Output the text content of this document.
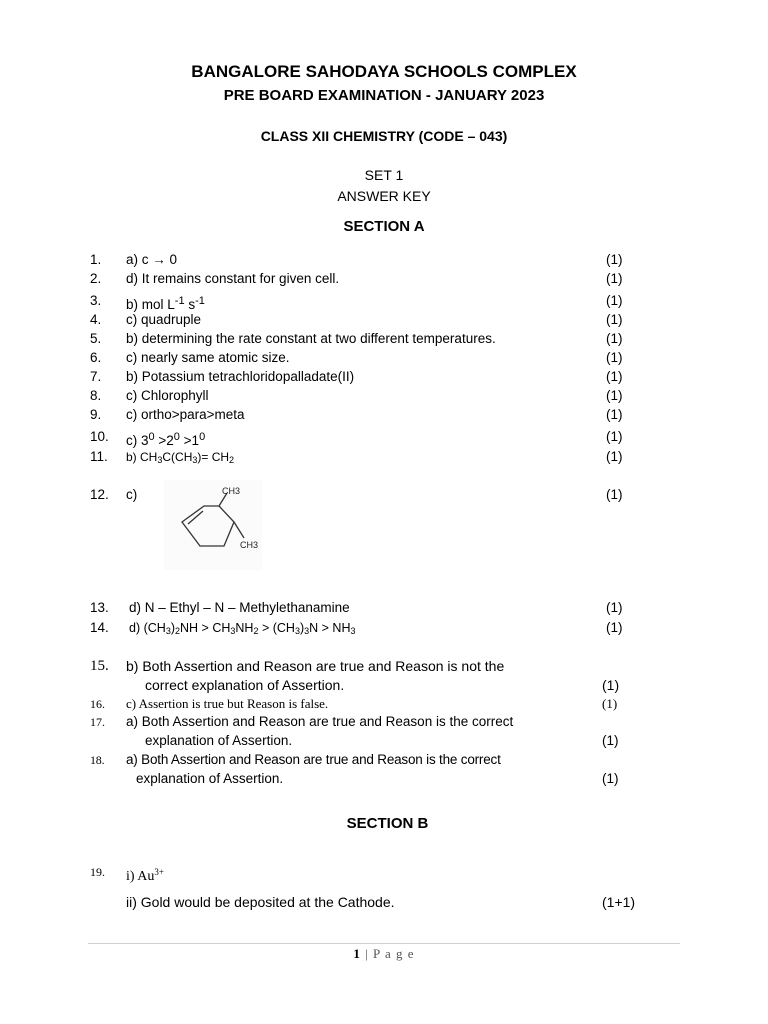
BANGALORE SAHODAYA SCHOOLS COMPLEX
PRE BOARD EXAMINATION - JANUARY 2023
CLASS XII CHEMISTRY (CODE – 043)
SET 1
ANSWER KEY
SECTION A
1. a) c → 0	(1)
2. d) It remains constant for given cell.	(1)
3. b) mol $L^{-1}$ $s^{-1}$	(1)
4. c) quadruple	(1)
5. b) determining the rate constant at two different temperatures.	(1)
6. c) nearly same atomic size.	(1)
7. b) Potassium tetrachloridopalladate(II)	(1)
8. c) Chlorophyll	(1)
9. c) ortho>para>meta	(1)
10. c) $3^0 >2^0 >1^0$	(1)
11. b) $CH_3C(CH_3)= CH_2$	(1)
12. c)	(1)
CH3
CH3
13. d) N – Ethyl – N – Methylethanamine	(1)
14. d) $(CH_3)_2NH > CH_3NH_2 > (CH_3)_3N > NH_3$	(1)
15. b) Both Assertion and Reason are true and Reason is not the
correct explanation of Assertion.	(1)
16. c) Assertion is true but Reason is false.	(1)
17. a) Both Assertion and Reason are true and Reason is the correct
explanation of Assertion.	(1)
18. a) Both Assertion and Reason are true and Reason is the correct
explanation of Assertion.	(1)
SECTION B
19. i) $Au^{3+}$
ii) Gold would be deposited at the Cathode.	(1+1)
1 | P a g e
